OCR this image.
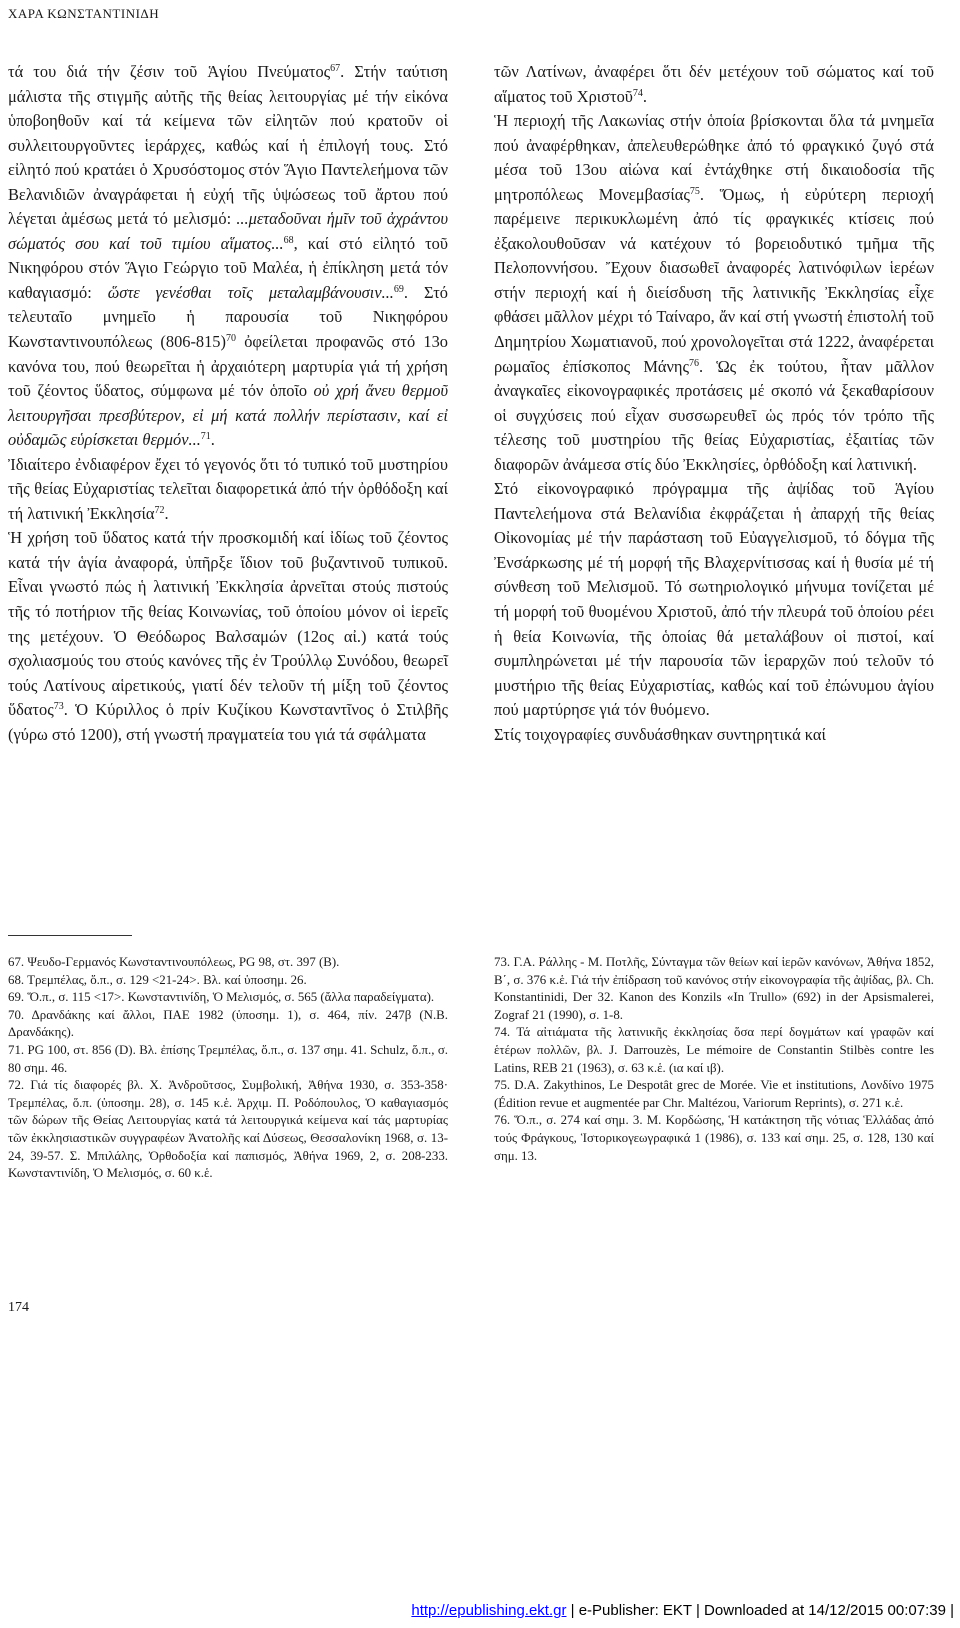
ΧΑΡΑ ΚΩΝΣΤΑΝΤΙΝΙΔΗ

τά του διά τήν ζέσιν τοῦ Ἁγίου Πνεύματος$^{67}$. Στήν ταύτιση μάλιστα τῆς στιγμῆς αὐτῆς τῆς θείας λειτουργίας μέ τήν εἰκόνα ὑποβοηθοῦν καί τά κείμενα τῶν εἰλητῶν πού κρατοῦν οἱ συλλειτουργοῦντες ἱεράρχες, καθώς καί ἡ ἐπιλογή τους. Στό εἰλητό πού κρατάει ὁ Χρυσόστομος στόν Ἅγιο Παντελεήμονα τῶν Βελανιδιῶν ἀναγράφεται ἡ εὐχή τῆς ὑψώσεως τοῦ ἄρτου πού λέγεται ἀμέσως μετά τό μελισμό: ...μεταδοῦναι ἡμῖν τοῦ ἀχράντου σώματός σου καί τοῦ τιμίου αἵματος...$^{68}$, καί στό εἰλητό τοῦ Νικηφόρου στόν Ἅγιο Γεώργιο τοῦ Μαλέα, ἡ ἐπίκληση μετά τόν καθαγιασμό: ὥστε γενέσθαι τοῖς μεταλαμβάνουσιν...$^{69}$. Στό τελευταῖο μνημεῖο ἡ παρουσία τοῦ Νικηφόρου Κωνσταντινουπόλεως $(806-815)^{70}$ ὀφείλεται προφανῶς στό 13ο κανόνα του, πού θεωρεῖται ἡ ἀρχαιότερη μαρτυρία γιά τή χρήση τοῦ ζέοντος ὕδατος, σύμφωνα μέ τόν ὁποῖο οὐ χρή ἄνευ θερμοῦ λειτουργῆσαι πρεσβύτερον, εἰ μή κατά πολλήν περίστασιν, καί εἰ οὐδαμῶς εὑρίσκεται θερμόν...$^{71}$.

Ἰδιαίτερο ἐνδιαφέρον ἔχει τό γεγονός ὅτι τό τυπικό τοῦ μυστηρίου τῆς θείας Εὐχαριστίας τελεῖται διαφορετικά ἀπό τήν ὀρθόδοξη καί τή λατινική Ἐκκλησία$^{72}$.

Ἡ χρήση τοῦ ὕδατος κατά τήν προσκομιδή καί ἰδίως τοῦ ζέοντος κατά τήν ἁγία ἀναφορά, ὑπῆρξε ἴδιον τοῦ βυζαντινοῦ τυπικοῦ. Εἶναι γνωστό πώς ἡ λατινική Ἐκκλησία ἀρνεῖται στούς πιστούς τῆς τό ποτήριον τῆς θείας Κοινωνίας, τοῦ ὁποίου μόνον οἱ ἱερεῖς της μετέχουν. Ὁ Θεόδωρος Βαλσαμών (12ος αἰ.) κατά τούς σχολιασμούς του στούς κανόνες τῆς ἐν Τρούλλῳ Συνόδου, θεωρεῖ τούς Λατίνους αἱρετικούς, γιατί δέν τελοῦν τή μίξη τοῦ ζέοντος ὕδατος$^{73}$. Ὁ Κύριλλος ὁ πρίν Κυζίκου Κωνσταντῖνος ὁ Στιλβῆς (γύρω στό 1200), στή γνωστή πραγματεία του γιά τά σφάλματα

τῶν Λατίνων, ἀναφέρει ὅτι δέν μετέχουν τοῦ σώματος καί τοῦ αἵματος τοῦ Χριστοῦ$^{74}$.

Ἡ περιοχή τῆς Λακωνίας στήν ὁποία βρίσκονται ὅλα τά μνημεῖα πού ἀναφέρθηκαν, ἀπελευθερώθηκε ἀπό τό φραγκικό ζυγό στά μέσα τοῦ 13ου αἰώνα καί ἐντάχθηκε στή δικαιοδοσία τῆς μητροπόλεως Μονεμβασίας$^{75}$. Ὅμως, ἡ εὐρύτερη περιοχή παρέμεινε περικυκλωμένη ἀπό τίς φραγκικές κτίσεις πού ἐξακολουθοῦσαν νά κατέχουν τό βορειοδυτικό τμῆμα τῆς Πελοποννήσου. Ἔχουν διασωθεῖ ἀναφορές λατινόφιλων ἱερέων στήν περιοχή καί ἡ διείσδυση τῆς λατινικῆς Ἐκκλησίας εἶχε φθάσει μᾶλλον μέχρι τό Ταίναρο, ἄν καί στή γνωστή ἐπιστολή τοῦ Δημητρίου Χωματιανοῦ, πού χρονολογεῖται στά 1222, ἀναφέρεται ρωμαῖος ἐπίσκοπος Μάνης$^{76}$. Ὡς ἐκ τούτου, ἦταν μᾶλλον ἀναγκαῖες εἰκονογραφικές προτάσεις μέ σκοπό νά ξεκαθαρίσουν οἱ συγχύσεις πού εἶχαν συσσωρευθεῖ ὡς πρός τόν τρόπο τῆς τέλεσης τοῦ μυστηρίου τῆς θείας Εὐχαριστίας, ἐξαιτίας τῶν διαφορῶν ἀνάμεσα στίς δύο Ἐκκλησίες, ὀρθόδοξη καί λατινική.

Στό εἰκονογραφικό πρόγραμμα τῆς ἀψίδας τοῦ Ἁγίου Παντελεήμονα στά Βελανίδια ἐκφράζεται ἡ ἀπαρχή τῆς θείας Οἰκονομίας μέ τήν παράσταση τοῦ Εὐαγγελισμοῦ, τό δόγμα τῆς Ἐνσάρκωσης μέ τή μορφή τῆς Βλαχερνίτισσας καί ἡ θυσία μέ τή σύνθεση τοῦ Μελισμοῦ. Τό σωτηριολογικό μήνυμα τονίζεται μέ τή μορφή τοῦ θυομένου Χριστοῦ, ἀπό τήν πλευρά τοῦ ὁποίου ρέει ἡ θεία Κοινωνία, τῆς ὁποίας θά μεταλάβουν οἱ πιστοί, καί συμπληρώνεται μέ τήν παρουσία τῶν ἱεραρχῶν πού τελοῦν τό μυστήριο τῆς θείας Εὐχαριστίας, καθώς καί τοῦ ἐπώνυμου ἁγίου πού μαρτύρησε γιά τόν θυόμενο.

Στίς τοιχογραφίες συνδυάσθηκαν συντηρητικά καί

67. Ψευδο-Γερμανός Κωνσταντινουπόλεως, PG 98, στ. 397 (B).

68. Τρεμπέλας, ὅ.π., σ. 129 <21-24>. Βλ. καί ὑποσημ. 26.

69. Ὅ.π., σ. 115 <17>. Κωνσταντινίδη, Ὁ Μελισμός, σ. 565 (ἄλλα παραδείγματα).

70. Δρανδάκης καί ἄλλοι, ΠΑΕ 1982 (ὑποσημ. 1), σ. 464, πίν. 247β (Ν.Β. Δρανδάκης).

71. PG 100, στ. 856 (D). Βλ. ἐπίσης Τρεμπέλας, ὅ.π., σ. 137 σημ. 41. Schulz, ὅ.π., σ. 80 σημ. 46.

72. Γιά τίς διαφορές βλ. Χ. Ἀνδροῦτσος, Συμβολική, Ἀθήνα 1930, σ. 353-358· Τρεμπέλας, ὅ.π. (ὑποσημ. 28), σ. 145 κ.ἑ. Ἀρχιμ. Π. Ροδόπουλος, Ὁ καθαγιασμός τῶν δώρων τῆς Θείας Λειτουργίας κατά τά λειτουργικά κείμενα καί τάς μαρτυρίας τῶν ἐκκλησιαστικῶν συγγραφέων Ἀνατολῆς καί Δύσεως, Θεσσαλονίκη 1968, σ. 13-24, 39-57. Σ. Μπιλάλης, Ὀρθοδοξία καί παπισμός, Ἀθήνα 1969, 2, σ. 208-233. Κωνσταντινίδη, Ὁ Μελισμός, σ. 60 κ.ἑ.

73. Γ.Α. Ράλλης - Μ. Ποτλῆς, Σύνταγμα τῶν θείων καί ἱερῶν κανόνων, Ἀθήνα 1852, Β΄, σ. 376 κ.ἑ. Γιά τήν ἐπίδραση τοῦ κανόνος στήν εἰκονογραφία τῆς ἀψίδας, βλ. Ch. Konstantinidi, Der 32. Kanon des Konzils «In Trullo» (692) in der Apsismalerei, Zograf 21 (1990), σ. 1-8.

74. Τά αἰτιάματα τῆς λατινικῆς ἐκκλησίας ὅσα περί δογμάτων καί γραφῶν καί ἑτέρων πολλῶν, βλ. J. Darrouzès, Le mémoire de Constantin Stilbès contre les Latins, REB 21 (1963), σ. 63 κ.ἑ. (ια καί ιβ).

75. D.A. Zakythinos, Le Despotât grec de Morée. Vie et institutions, Λονδίνο 1975 (Édition revue et augmentée par Chr. Maltézou, Variorum Reprints), σ. 271 κ.ἑ.

76. Ὅ.π., σ. 274 καί σημ. 3. Μ. Κορδώσης, Ἡ κατάκτηση τῆς νότιας Ἑλλάδας ἀπό τούς Φράγκους, Ἱστορικογεωγραφικά 1 (1986), σ. 133 καί σημ. 25, σ. 128, 130 καί σημ. 13.

174
http://epublishing.ekt.gr | e-Publisher: EKT | Downloaded at 14/12/2015 00:07:39 |
